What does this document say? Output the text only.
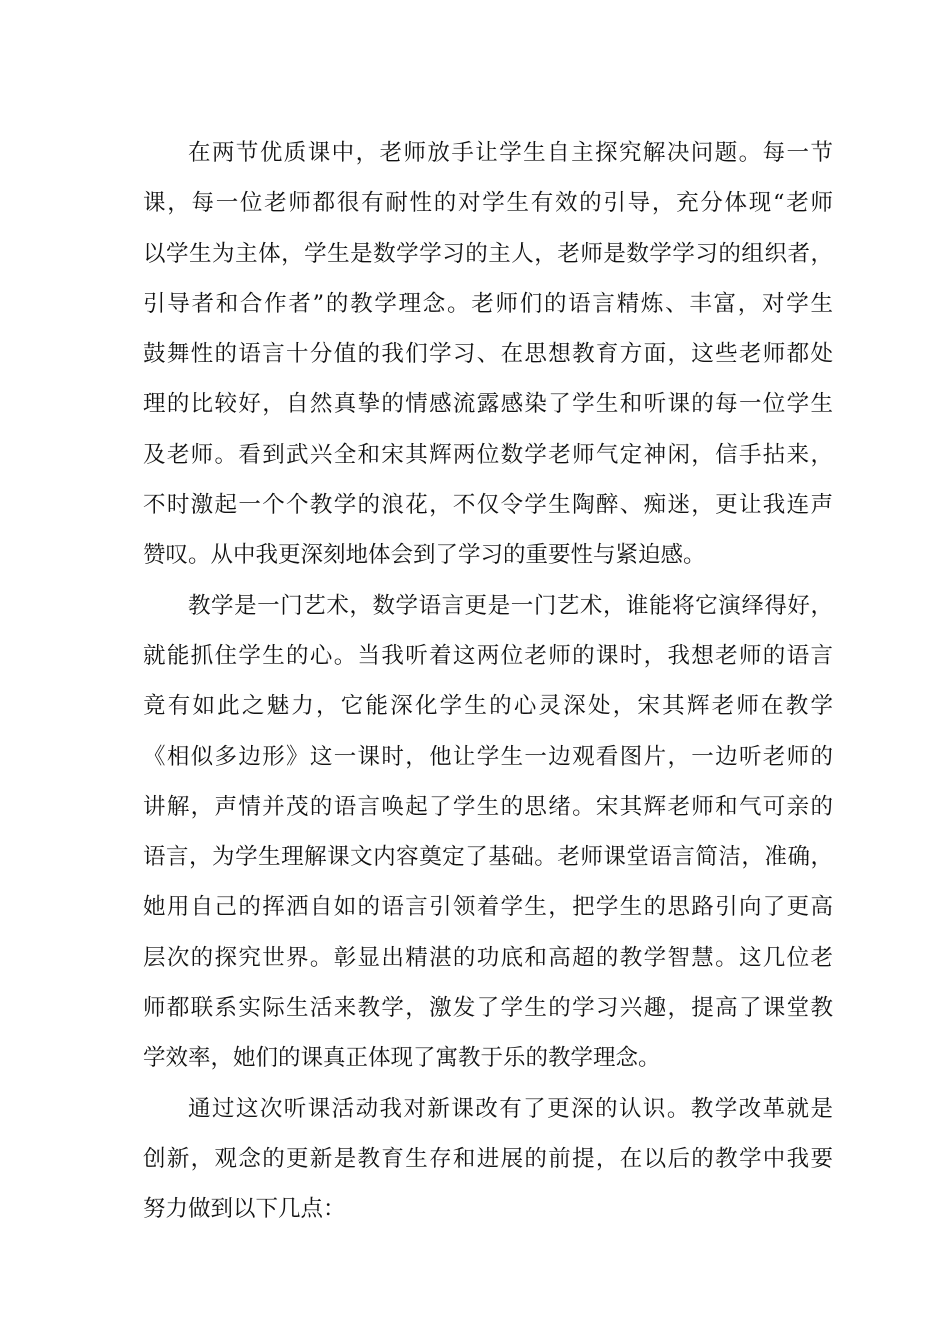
在两节优质课中，老师放手让学生自主探究解决问题。每一节
课，每一位老师都很有耐性的对学生有效的引导，充分体现“老师
以学生为主体，学生是数学学习的主人，老师是数学学习的组织者，
引导者和合作者”的教学理念。老师们的语言精炼、丰富，对学生
鼓舞性的语言十分值的我们学习、在思想教育方面，这些老师都处
理的比较好，自然真挚的情感流露感染了学生和听课的每一位学生
及老师。看到武兴全和宋其辉两位数学老师气定神闲，信手拈来，
不时激起一个个教学的浪花，不仅令学生陶醉、痴迷，更让我连声
赞叹。从中我更深刻地体会到了学习的重要性与紧迫感。
教学是一门艺术，数学语言更是一门艺术，谁能将它演绎得好，
就能抓住学生的心。当我听着这两位老师的课时，我想老师的语言
竟有如此之魅力，它能深化学生的心灵深处，宋其辉老师在教学
《相似多边形》这一课时，他让学生一边观看图片，一边听老师的
讲解，声情并茂的语言唤起了学生的思绪。宋其辉老师和气可亲的
语言，为学生理解课文内容奠定了基础。老师课堂语言简洁，准确，
她用自己的挥洒自如的语言引领着学生，把学生的思路引向了更高
层次的探究世界。彰显出精湛的功底和高超的教学智慧。这几位老
师都联系实际生活来教学，激发了学生的学习兴趣，提高了课堂教
学效率，她们的课真正体现了寓教于乐的教学理念。
通过这次听课活动我对新课改有了更深的认识。教学改革就是
创新，观念的更新是教育生存和进展的前提，在以后的教学中我要
努力做到以下几点：
